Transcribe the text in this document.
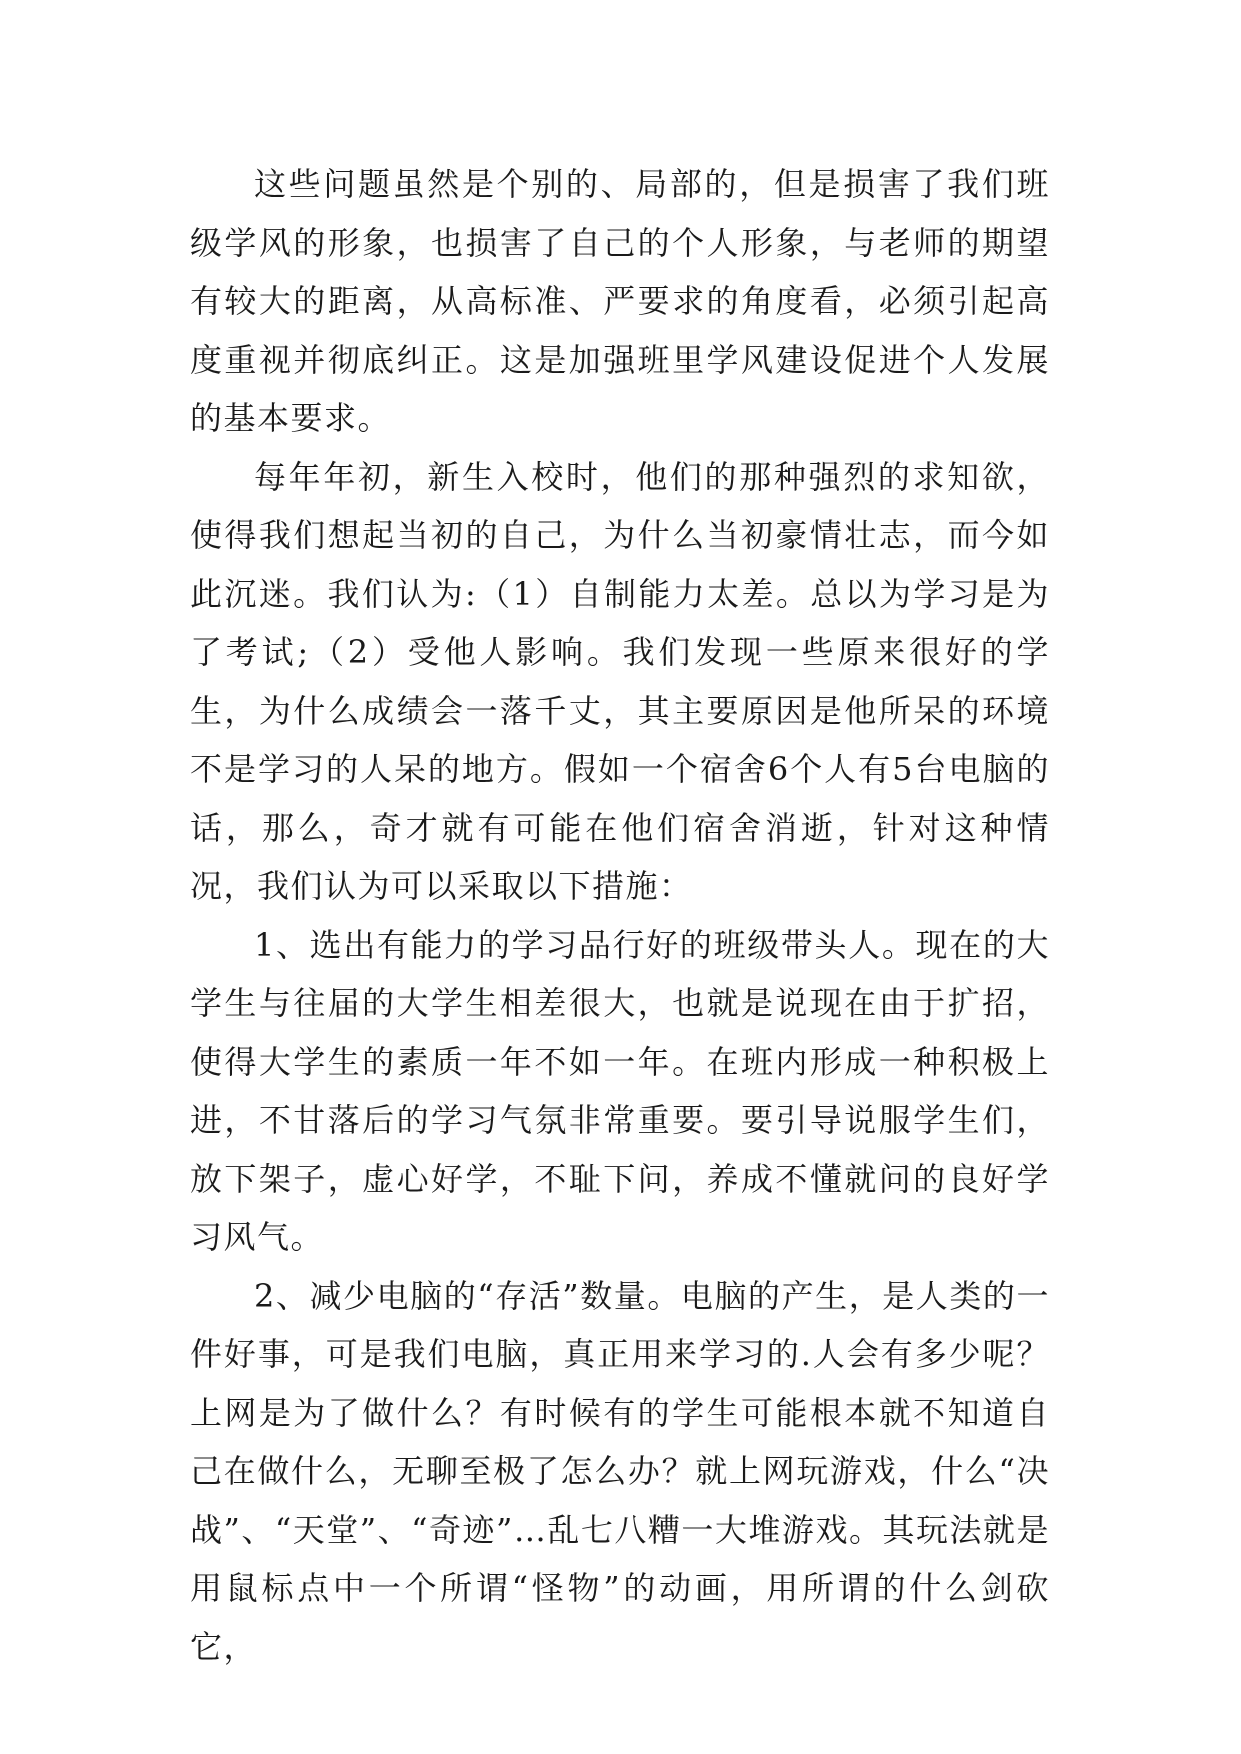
这些问题虽然是个别的、局部的，但是损害了我们班级学风的形象，也损害了自己的个人形象，与老师的期望有较大的距离，从高标准、严要求的角度看，必须引起高度重视并彻底纠正。这是加强班里学风建设促进个人发展的基本要求。

每年年初，新生入校时，他们的那种强烈的求知欲，使得我们想起当初的自己，为什么当初豪情壮志，而今如此沉迷。我们认为:（1）自制能力太差。总以为学习是为了考试;（2）受他人影响。我们发现一些原来很好的学生，为什么成绩会一落千丈，其主要原因是他所呆的环境不是学习的人呆的地方。假如一个宿舍6个人有5台电脑的话，那么，奇才就有可能在他们宿舍消逝，针对这种情况，我们认为可以采取以下措施：

1、选出有能力的学习品行好的班级带头人。现在的大学生与往届的大学生相差很大，也就是说现在由于扩招，使得大学生的素质一年不如一年。在班内形成一种积极上进，不甘落后的学习气氛非常重要。要引导说服学生们，放下架子，虚心好学，不耻下问，养成不懂就问的良好学习风气。

2、减少电脑的“存活”数量。电脑的产生，是人类的一件好事，可是我们电脑，真正用来学习的.人会有多少呢？上网是为了做什么？有时候有的学生可能根本就不知道自己在做什么，无聊至极了怎么办？就上网玩游戏，什么“决战”、“天堂”、“奇迹”…乱七八糟一大堆游戏。其玩法就是用鼠标点中一个所谓“怪物”的动画，用所谓的什么剑砍它，
